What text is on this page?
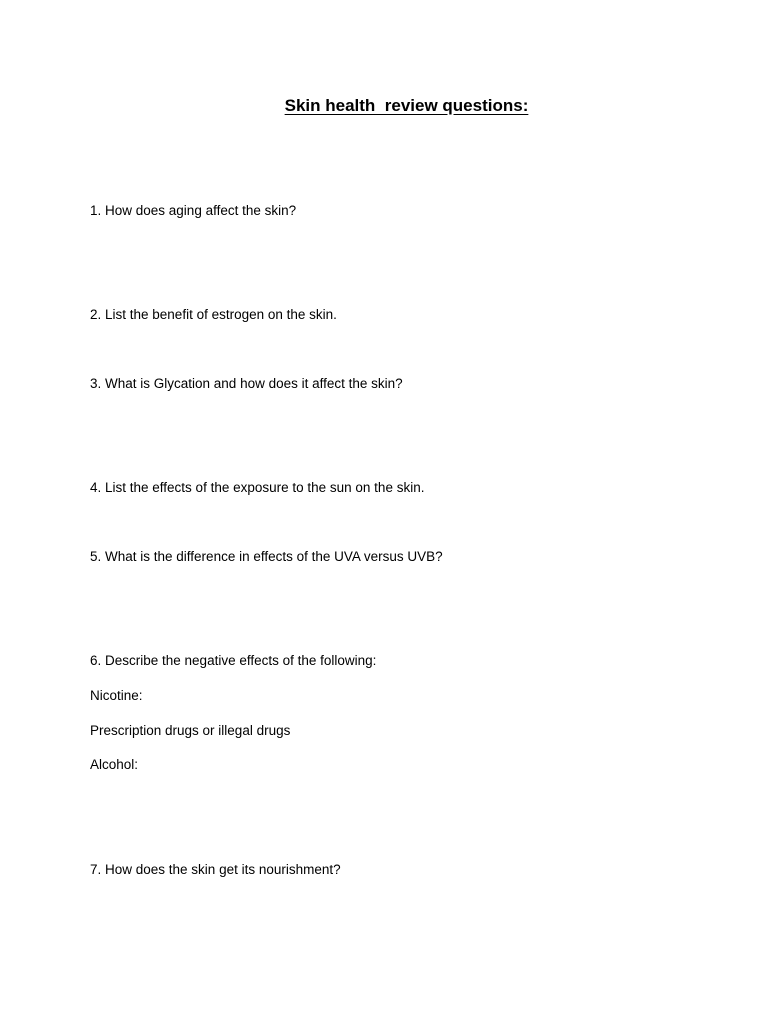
Skin health  review questions:
1. How does aging affect the skin?
2. List the benefit of estrogen on the skin.
3. What is Glycation and how does it affect the skin?
4. List the effects of the exposure to the sun on the skin.
5. What is the difference in effects of the UVA versus UVB?
6. Describe the negative effects of the following:
Nicotine:
Prescription drugs or illegal drugs
Alcohol:
7. How does the skin get its nourishment?
